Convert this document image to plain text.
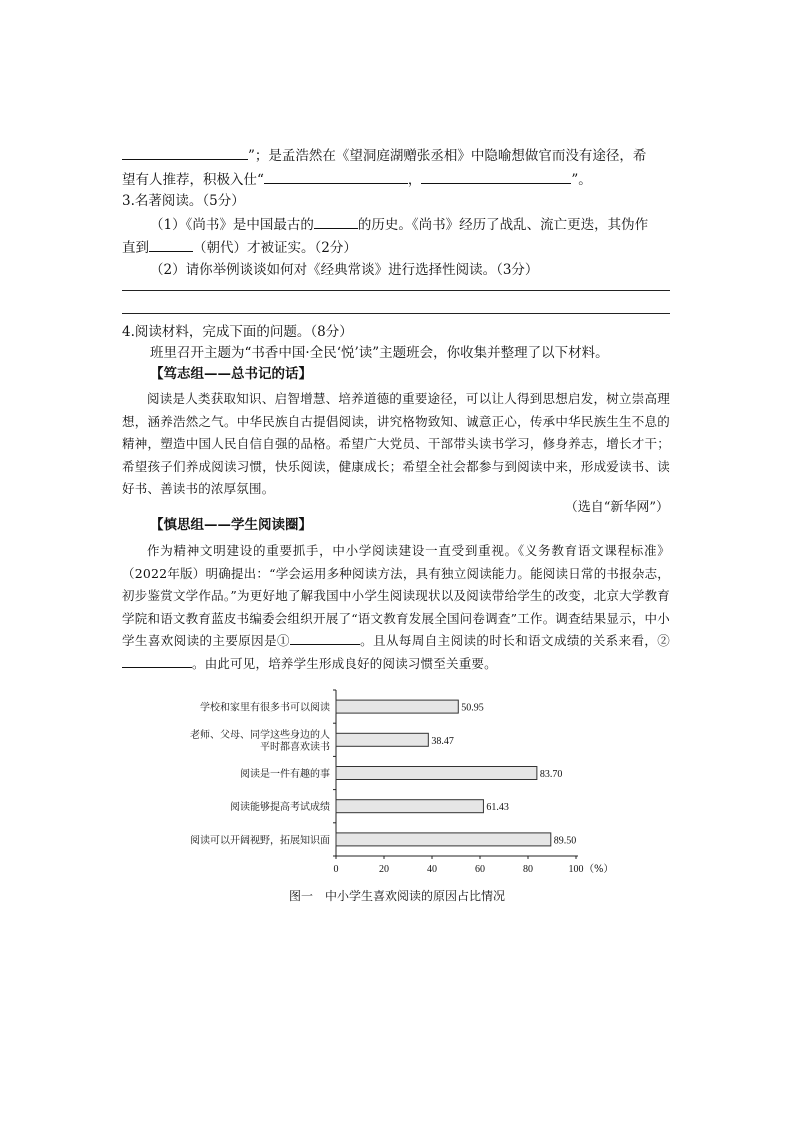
”；是孟浩然在《望洞庭湖赠张丞相》中隐喻想做官而没有途径，希
望有人推荐，积极入仕“	，	”。
3.名著阅读。（5分）
（1）《尚书》是中国最古的	的历史。《尚书》经历了战乱、流亡更迭，其伪作
直到	（朝代）才被证实。（2分）
（2）请你举例谈谈如何对《经典常谈》进行选择性阅读。（3分）
4.阅读材料，完成下面的问题。（8分）
班里召开主题为“书香中国·全民‘悦’读”主题班会，你收集并整理了以下材料。
【笃志组——总书记的话】

阅读是人类获取知识、启智增慧、培养道德的重要途径，可以让人得到思想启发，树立崇高理想，涵养浩然之气。中华民族自古提倡阅读，讲究格物致知、诚意正心，传承中华民族生生不息的精神，塑造中国人民自信自强的品格。希望广大党员、干部带头读书学习，修身养志，增长才干；希望孩子们养成阅读习惯，快乐阅读，健康成长；希望全社会都参与到阅读中来，形成爱读书、读好书、善读书的浓厚氛围。

（选自“新华网”）
【慎思组——学生阅读圈】

作为精神文明建设的重要抓手，中小学阅读建设一直受到重视。《义务教育语文课程标准》（2022年版）明确提出：“学会运用多种阅读方法，具有独立阅读能力。能阅读日常的书报杂志，初步鉴赏文学作品。”为更好地了解我国中小学生阅读现状以及阅读带给学生的改变，北京大学教育学院和语文教育蓝皮书编委会组织开展了“语文教育发展全国问卷调查”工作。调查结果显示，中小学生喜欢阅读的主要原因是①	。且从每周自主阅读的时长和语文成绩的关系来看，②。由此可见，培养学生形成良好的阅读习惯至关重要。

0	20	40	60	80	100 （%）
50.95
学校和家里有很多书可以阅读
38.47
老师、父母、同学这些身边的人
平时都喜欢读书
83.70
阅读是一件有趣的事
61.43
阅读能够提高考试成绩
89.50
阅读可以开阔视野，拓展知识面
图一　中小学生喜欢阅读的原因占比情况
